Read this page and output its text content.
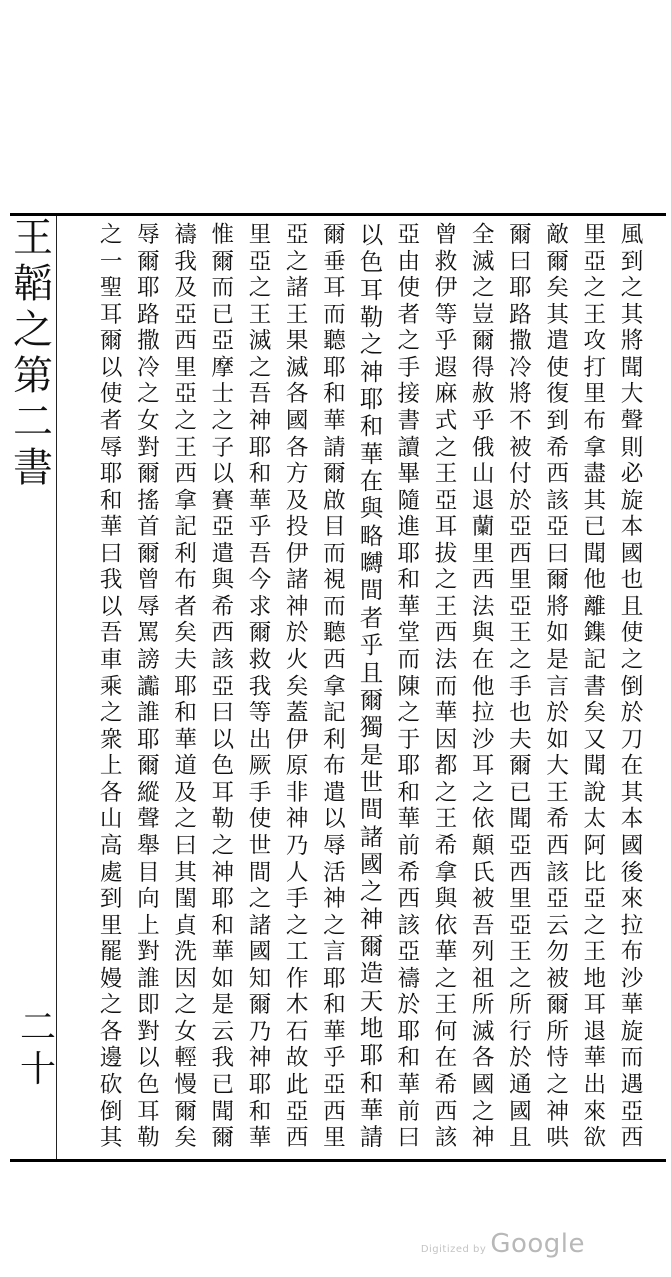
風
到
之
其
將
聞
大
聲
則
必
旋
本
國
也
且
使
之
倒
於
刀
在
其
本
國
後
來
拉
布
沙
華
旋
而
遇
亞
西
里
亞
之
王
攻
打
里
布
拿
盡
其
已
聞
他
離
鏶
記
書
矣
又
聞
說
太
阿
比
亞
之
王
地
耳
退
華
出
來
欲
敵
爾
矣
其
遣
使
復
到
希
西
該
亞
曰
爾
將
如
是
言
於
如
大
王
希
西
該
亞
云
勿
被
爾
所
恃
之
神
哄
爾
曰
耶
路
撒
冷
將
不
被
付
於
亞
西
里
亞
王
之
手
也
夫
爾
已
聞
亞
西
里
亞
王
之
所
行
於
通
國
且
全
滅
之
豈
爾
得
赦
乎
俄
山
退
蘭
里
西
法
與
在
他
拉
沙
耳
之
依
顛
氏
被
吾
列
祖
所
滅
各
國
之
神
曾
救
伊
等
乎
遐
麻
式
之
王
亞
耳
拔
之
王
西
法
而
華
因
都
之
王
希
拿
與
依
華
之
王
何
在
希
西
該
亞
由
使
者
之
手
接
書
讀
畢
隨
進
耶
和
華
堂
而
陳
之
于
耶
和
華
前
希
西
該
亞
禱
於
耶
和
華
前
曰
以
色
耳
勒
之
神
耶
和
華
在
與
略
嚩
間
者
乎
且
爾
獨
是
世
間
諸
國
之
神
爾
造
天
地
耶
和
華
請
爾
垂
耳
而
聽
耶
和
華
請
爾
啟
目
而
視
而
聽
西
拿
記
利
布
遣
以
辱
活
神
之
言
耶
和
華
乎
亞
西
里
亞
之
諸
王
果
滅
各
國
各
方
及
投
伊
諸
神
於
火
矣
蓋
伊
原
非
神
乃
人
手
之
工
作
木
石
故
此
亞
西
里
亞
之
王
滅
之
吾
神
耶
和
華
乎
吾
今
求
爾
救
我
等
出
厥
手
使
世
間
之
諸
國
知
爾
乃
神
耶
和
華
惟
爾
而
已
亞
摩
士
之
子
以
賽
亞
遣
與
希
西
該
亞
曰
以
色
耳
勒
之
神
耶
和
華
如
是
云
我
已
聞
爾
禱
我
及
亞
西
里
亞
之
王
西
拿
記
利
布
者
矣
夫
耶
和
華
道
及
之
曰
其
閨
貞
洗
因
之
女
輕
慢
爾
矣
辱
爾
耶
路
撒
冷
之
女
對
爾
搖
首
爾
曾
辱
罵
謗
讟
誰
耶
爾
縱
聲
舉
目
向
上
對
誰
即
對
以
色
耳
勒
之
一
聖
耳
爾
以
使
者
辱
耶
和
華
曰
我
以
吾
車
乘
之
衆
上
各
山
高
處
到
里
罷
嫚
之
各
邊
砍
倒
其
王
韜
之
第
二
書
二
十
Digitized by Google
